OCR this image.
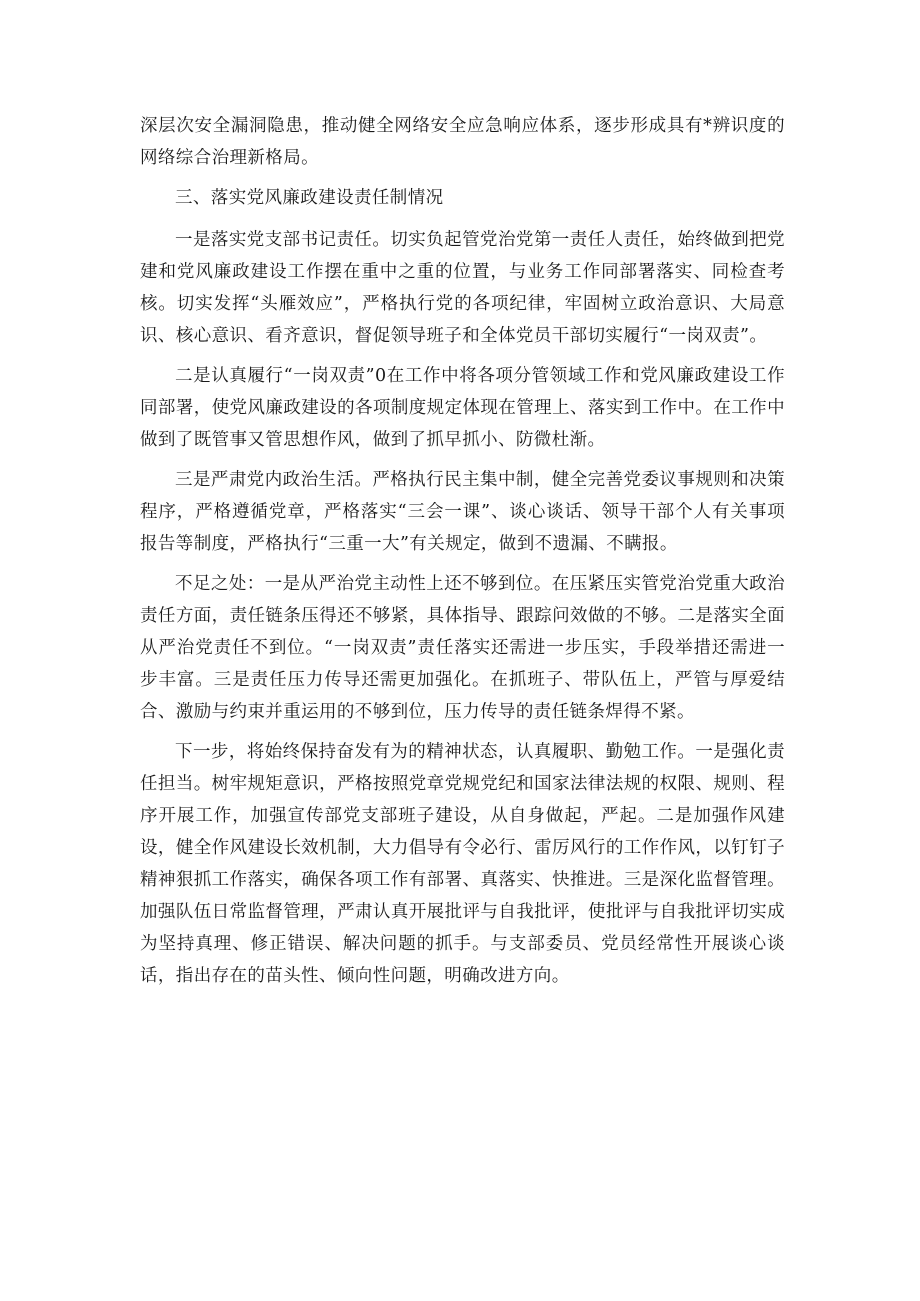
深层次安全漏洞隐患，推动健全网络安全应急响应体系，逐步形成具有*辨识度的网络综合治理新格局。

三、落实党风廉政建设责任制情况

一是落实党支部书记责任。切实负起管党治党第一责任人责任，始终做到把党建和党风廉政建设工作摆在重中之重的位置，与业务工作同部署落实、同检查考核。切实发挥“头雁效应”，严格执行党的各项纪律，牢固树立政治意识、大局意识、核心意识、看齐意识，督促领导班子和全体党员干部切实履行“一岗双责”。

二是认真履行“一岗双责”0在工作中将各项分管领域工作和党风廉政建设工作同部署，使党风廉政建设的各项制度规定体现在管理上、落实到工作中。在工作中做到了既管事又管思想作风，做到了抓早抓小、防微杜渐。

三是严肃党内政治生活。严格执行民主集中制，健全完善党委议事规则和决策程序，严格遵循党章，严格落实“三会一课”、谈心谈话、领导干部个人有关事项报告等制度，严格执行“三重一大”有关规定，做到不遗漏、不瞒报。

不足之处：一是从严治党主动性上还不够到位。在压紧压实管党治党重大政治责任方面，责任链条压得还不够紧，具体指导、跟踪问效做的不够。二是落实全面从严治党责任不到位。“一岗双责”责任落实还需进一步压实，手段举措还需进一步丰富。三是责任压力传导还需更加强化。在抓班子、带队伍上，严管与厚爱结合、激励与约束并重运用的不够到位，压力传导的责任链条焊得不紧。

下一步，将始终保持奋发有为的精神状态，认真履职、勤勉工作。一是强化责任担当。树牢规矩意识，严格按照党章党规党纪和国家法律法规的权限、规则、程序开展工作，加强宣传部党支部班子建设，从自身做起，严起。二是加强作风建设，健全作风建设长效机制，大力倡导有令必行、雷厉风行的工作作风，以钉钉子精神狠抓工作落实，确保各项工作有部署、真落实、快推进。三是深化监督管理。加强队伍日常监督管理，严肃认真开展批评与自我批评，使批评与自我批评切实成为坚持真理、修正错误、解决问题的抓手。与支部委员、党员经常性开展谈心谈话，指出存在的苗头性、倾向性问题，明确改进方向。
